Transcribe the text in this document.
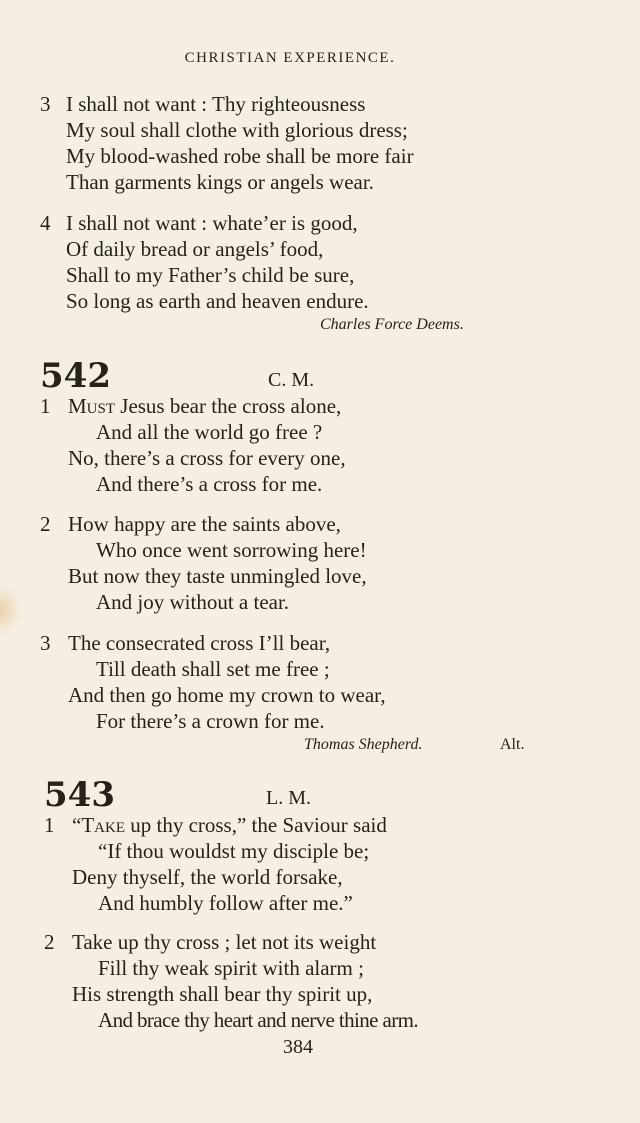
CHRISTIAN EXPERIENCE.
3 I shall not want : Thy righteousness
My soul shall clothe with glorious dress;
My blood-washed robe shall be more fair
Than garments kings or angels wear.
4 I shall not want : whate’er is good,
Of daily bread or angels’ food,
Shall to my Father’s child be sure,
So long as earth and heaven endure.
Charles Force Deems.
542	C. M.
1 Must Jesus bear the cross alone,
And all the world go free ?
No, there’s a cross for every one,
And there’s a cross for me.
2 How happy are the saints above,
Who once went sorrowing here!
But now they taste unmingled love,
And joy without a tear.
3 The consecrated cross I’ll bear,
Till death shall set me free ;
And then go home my crown to wear,
For there’s a crown for me.
Thomas Shepherd.	Alt.
543	L. M.
1 “Take up thy cross,” the Saviour said
“If thou wouldst my disciple be;
Deny thyself, the world forsake,
And humbly follow after me.”
2 Take up thy cross ; let not its weight
Fill thy weak spirit with alarm ;
His strength shall bear thy spirit up,
And brace thy heart and nerve thine arm.
384
